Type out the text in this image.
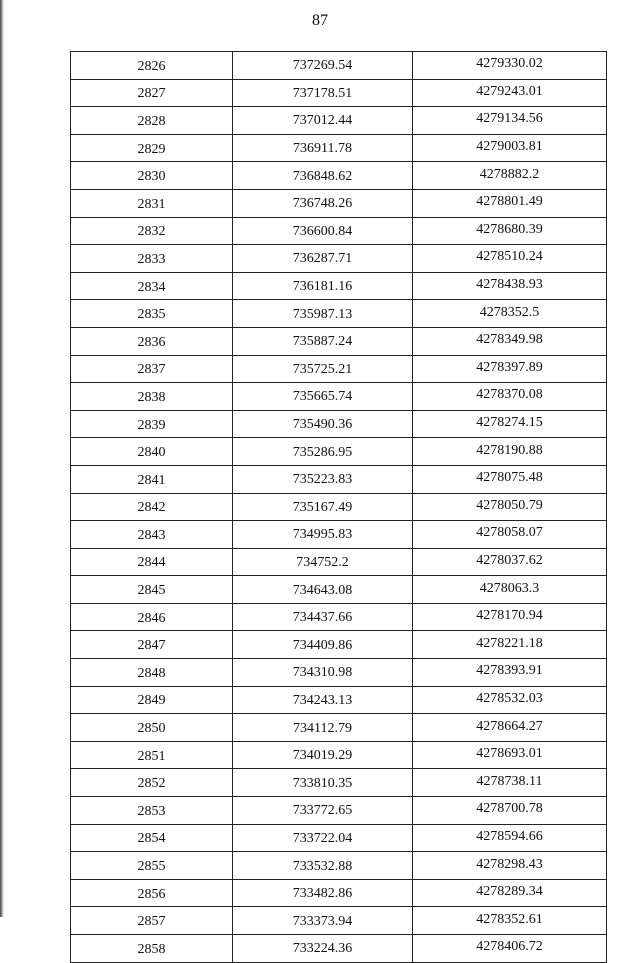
87
2826	737269.54	4279330.02
2827	737178.51	4279243.01
2828	737012.44	4279134.56
2829	736911.78	4279003.81
2830	736848.62	4278882.2
2831	736748.26	4278801.49
2832	736600.84	4278680.39
2833	736287.71	4278510.24
2834	736181.16	4278438.93
2835	735987.13	4278352.5
2836	735887.24	4278349.98
2837	735725.21	4278397.89
2838	735665.74	4278370.08
2839	735490.36	4278274.15
2840	735286.95	4278190.88
2841	735223.83	4278075.48
2842	735167.49	4278050.79
2843	734995.83	4278058.07
2844	734752.2	4278037.62
2845	734643.08	4278063.3
2846	734437.66	4278170.94
2847	734409.86	4278221.18
2848	734310.98	4278393.91
2849	734243.13	4278532.03
2850	734112.79	4278664.27
2851	734019.29	4278693.01
2852	733810.35	4278738.11
2853	733772.65	4278700.78
2854	733722.04	4278594.66
2855	733532.88	4278298.43
2856	733482.86	4278289.34
2857	733373.94	4278352.61
2858	733224.36	4278406.72
